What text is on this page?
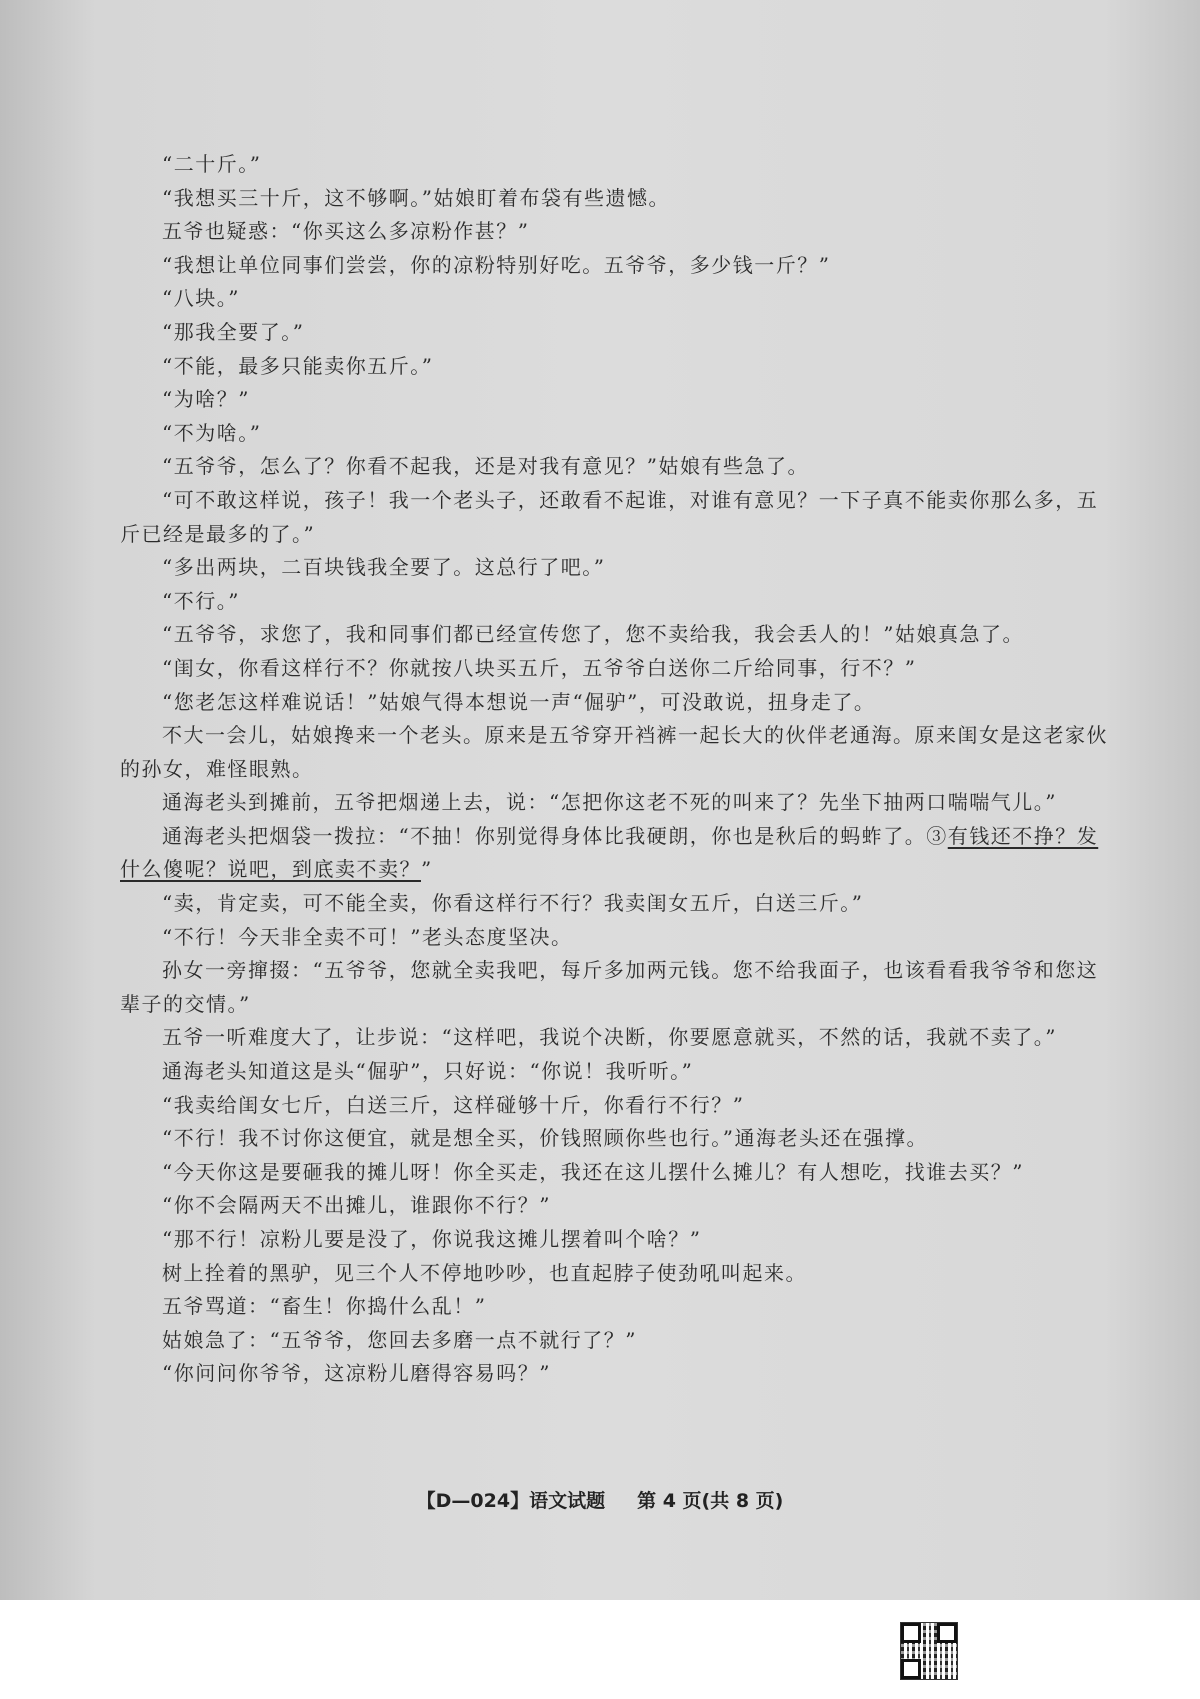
“二十斤。”

“我想买三十斤，这不够啊。”姑娘盯着布袋有些遗憾。

五爷也疑惑：“你买这么多凉粉作甚？”

“我想让单位同事们尝尝，你的凉粉特别好吃。五爷爷，多少钱一斤？”

“八块。”

“那我全要了。”

“不能，最多只能卖你五斤。”

“为啥？”

“不为啥。”

“五爷爷，怎么了？你看不起我，还是对我有意见？”姑娘有些急了。

“可不敢这样说，孩子！我一个老头子，还敢看不起谁，对谁有意见？一下子真不能卖你那么多，五斤已经是最多的了。”

“多出两块，二百块钱我全要了。这总行了吧。”

“不行。”

“五爷爷，求您了，我和同事们都已经宣传您了，您不卖给我，我会丢人的！”姑娘真急了。

“闺女，你看这样行不？你就按八块买五斤，五爷爷白送你二斤给同事，行不？”

“您老怎这样难说话！”姑娘气得本想说一声“倔驴”，可没敢说，扭身走了。

不大一会儿，姑娘搀来一个老头。原来是五爷穿开裆裤一起长大的伙伴老通海。原来闺女是这老家伙的孙女，难怪眼熟。

通海老头到摊前，五爷把烟递上去，说：“怎把你这老不死的叫来了？先坐下抽两口喘喘气儿。”

通海老头把烟袋一拨拉：“不抽！你别觉得身体比我硬朗，你也是秋后的蚂蚱了。③有钱还不挣？发什么傻呢？说吧，到底卖不卖？”

“卖，肯定卖，可不能全卖，你看这样行不行？我卖闺女五斤，白送三斤。”

“不行！今天非全卖不可！”老头态度坚决。

孙女一旁撺掇：“五爷爷，您就全卖我吧，每斤多加两元钱。您不给我面子，也该看看我爷爷和您这辈子的交情。”

五爷一听难度大了，让步说：“这样吧，我说个决断，你要愿意就买，不然的话，我就不卖了。”

通海老头知道这是头“倔驴”，只好说：“你说！我听听。”

“我卖给闺女七斤，白送三斤，这样碰够十斤，你看行不行？”

“不行！我不讨你这便宜，就是想全买，价钱照顾你些也行。”通海老头还在强撑。

“今天你这是要砸我的摊儿呀！你全买走，我还在这儿摆什么摊儿？有人想吃，找谁去买？”

“你不会隔两天不出摊儿，谁跟你不行？”

“那不行！凉粉儿要是没了，你说我这摊儿摆着叫个啥？”

树上拴着的黑驴，见三个人不停地吵吵，也直起脖子使劲吼叫起来。

五爷骂道：“畜生！你捣什么乱！”

姑娘急了：“五爷爷，您回去多磨一点不就行了？”

“你问问你爷爷，这凉粉儿磨得容易吗？”

【D—024】语文试题 第 4 页(共 8 页)
